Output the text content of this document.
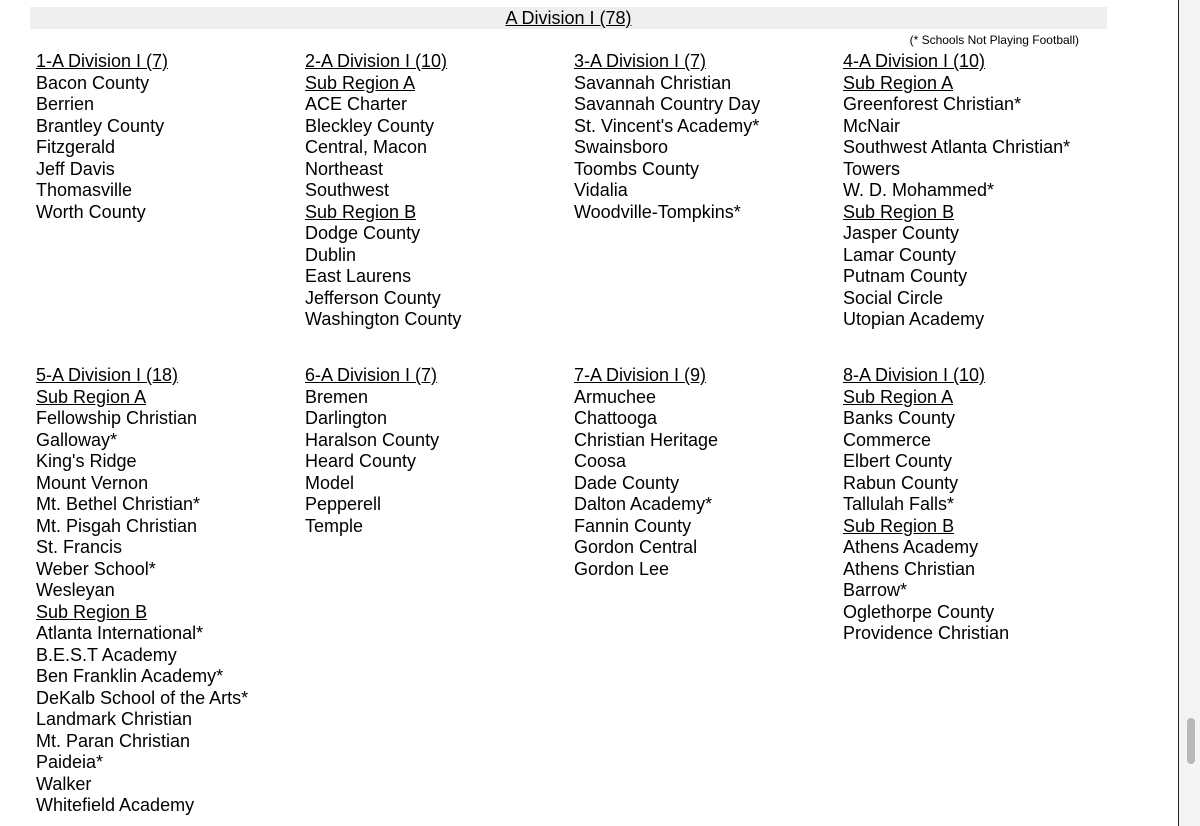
A Division I (78)
(* Schools Not Playing Football)
1-A Division I (7)
Bacon County
Berrien
Brantley County
Fitzgerald
Jeff Davis
Thomasville
Worth County
2-A Division I (10)
Sub Region A
ACE Charter
Bleckley County
Central, Macon
Northeast
Southwest
Sub Region B
Dodge County
Dublin
East Laurens
Jefferson County
Washington County
3-A Division I (7)
Savannah Christian
Savannah Country Day
St. Vincent's Academy*
Swainsboro
Toombs County
Vidalia
Woodville-Tompkins*
4-A Division I (10)
Sub Region A
Greenforest Christian*
McNair
Southwest Atlanta Christian*
Towers
W. D. Mohammed*
Sub Region B
Jasper County
Lamar County
Putnam County
Social Circle
Utopian Academy
5-A Division I (18)
Sub Region A
Fellowship Christian
Galloway*
King's Ridge
Mount Vernon
Mt. Bethel Christian*
Mt. Pisgah Christian
St. Francis
Weber School*
Wesleyan
Sub Region B
Atlanta International*
B.E.S.T Academy
Ben Franklin Academy*
DeKalb School of the Arts*
Landmark Christian
Mt. Paran Christian
Paideia*
Walker
Whitefield Academy
6-A Division I (7)
Bremen
Darlington
Haralson County
Heard County
Model
Pepperell
Temple
7-A Division I (9)
Armuchee
Chattooga
Christian Heritage
Coosa
Dade County
Dalton Academy*
Fannin County
Gordon Central
Gordon Lee
8-A Division I (10)
Sub Region A
Banks County
Commerce
Elbert County
Rabun County
Tallulah Falls*
Sub Region B
Athens Academy
Athens Christian
Barrow*
Oglethorpe County
Providence Christian
